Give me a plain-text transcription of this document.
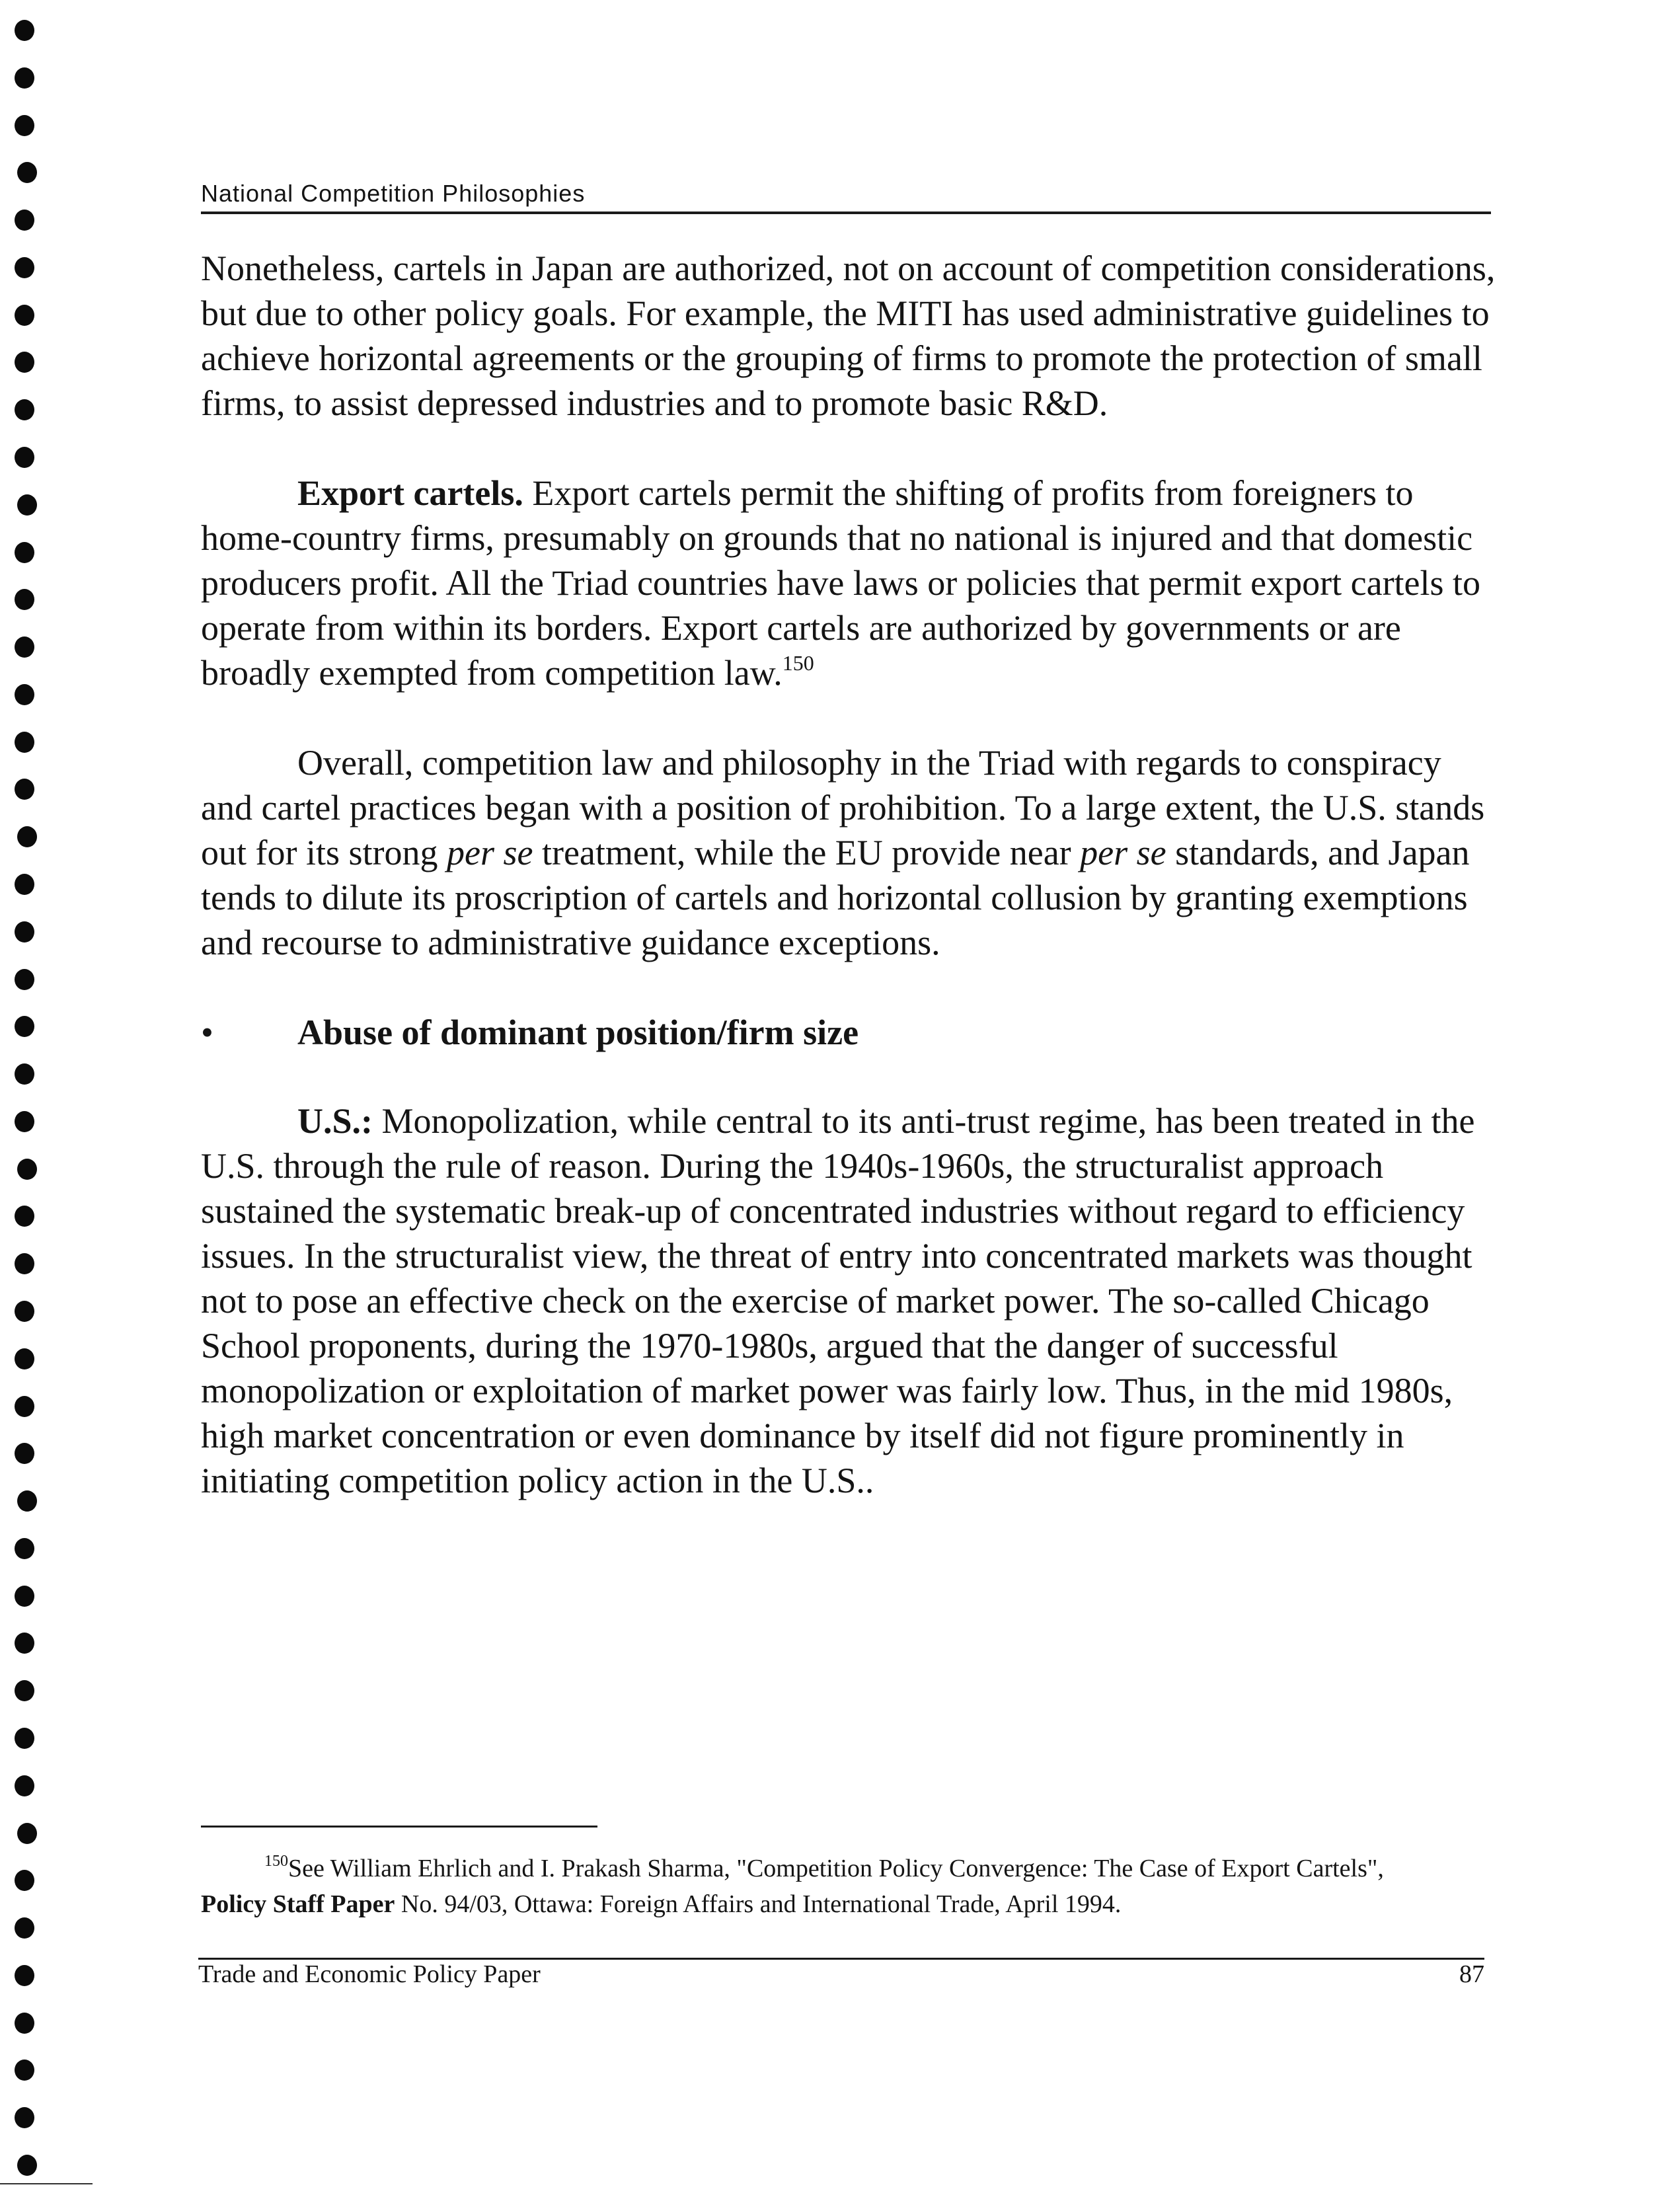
National Competition Philosophies

Nonetheless, cartels in Japan are authorized, not on account of competition considerations, but due to other policy goals. For example, the MITI has used administrative guidelines to achieve horizontal agreements or the grouping of firms to promote the protection of small firms, to assist depressed industries and to promote basic R&D.

Export cartels. Export cartels permit the shifting of profits from foreigners to home-country firms, presumably on grounds that no national is injured and that domestic producers profit. All the Triad countries have laws or policies that permit export cartels to operate from within its borders. Export cartels are authorized by governments or are broadly exempted from competition law.$^{150}$

Overall, competition law and philosophy in the Triad with regards to conspiracy and cartel practices began with a position of prohibition. To a large extent, the U.S. stands out for its strong per se treatment, while the EU provide near per se standards, and Japan tends to dilute its proscription of cartels and horizontal collusion by granting exemptions and recourse to administrative guidance exceptions.

•	Abuse of dominant position/firm size

U.S.: Monopolization, while central to its anti-trust regime, has been treated in the U.S. through the rule of reason. During the 1940s-1960s, the structuralist approach sustained the systematic break-up of concentrated industries without regard to efficiency issues. In the structuralist view, the threat of entry into concentrated markets was thought not to pose an effective check on the exercise of market power. The so-called Chicago School proponents, during the 1970-1980s, argued that the danger of successful monopolization or exploitation of market power was fairly low. Thus, in the mid 1980s, high market concentration or even dominance by itself did not figure prominently in initiating competition policy action in the U.S..

$^{150}$See William Ehrlich and I. Prakash Sharma, "Competition Policy Convergence: The Case of Export Cartels", Policy Staff Paper No. 94/03, Ottawa: Foreign Affairs and International Trade, April 1994.
Trade and Economic Policy Paper	87
